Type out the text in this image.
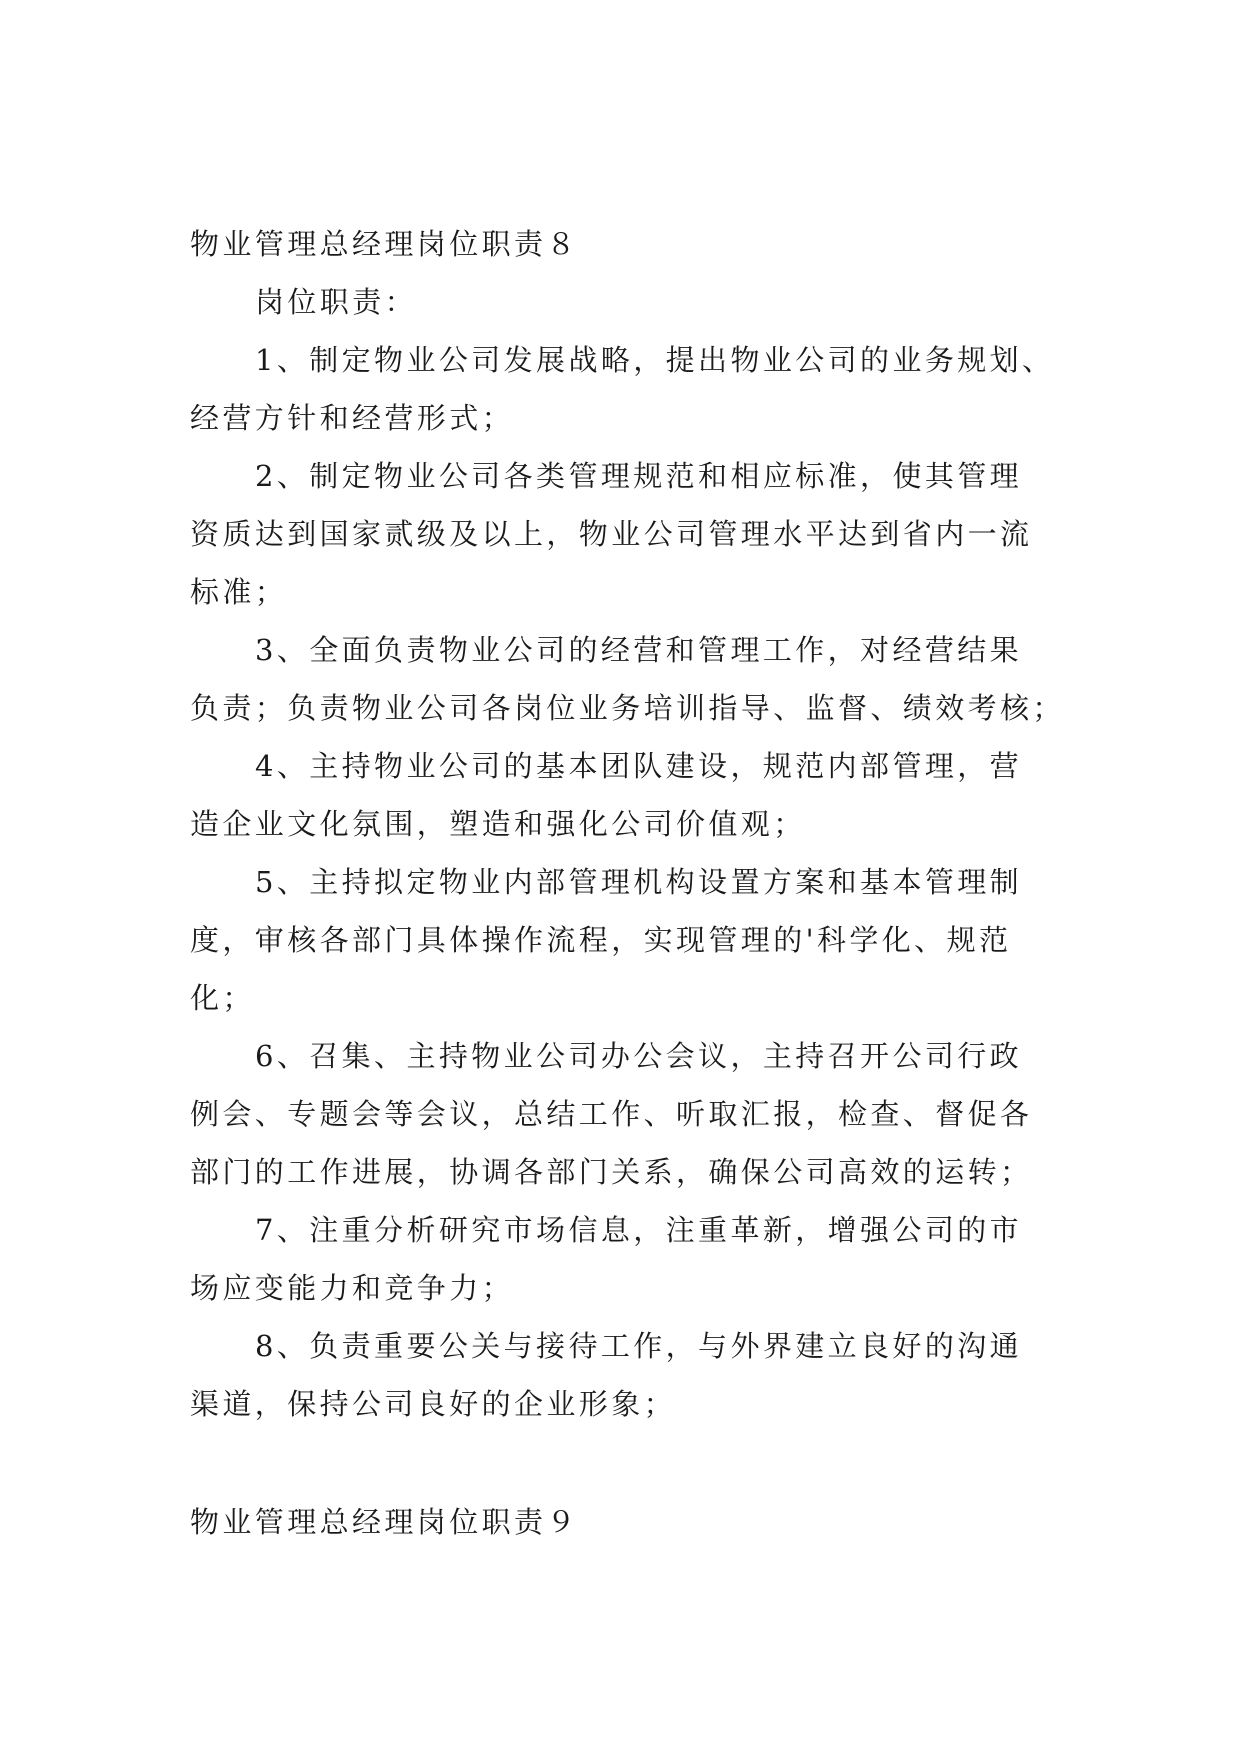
物业管理总经理岗位职责８
岗位职责：
1、制定物业公司发展战略，提出物业公司的业务规划、
经营方针和经营形式；
2、制定物业公司各类管理规范和相应标准，使其管理
资质达到国家贰级及以上，物业公司管理水平达到省内一流
标准；
3、全面负责物业公司的经营和管理工作，对经营结果
负责；负责物业公司各岗位业务培训指导、监督、绩效考核；
4、主持物业公司的基本团队建设，规范内部管理，营
造企业文化氛围，塑造和强化公司价值观；
5、主持拟定物业内部管理机构设置方案和基本管理制
度，审核各部门具体操作流程，实现管理的'科学化、规范
化；
6、召集、主持物业公司办公会议，主持召开公司行政
例会、专题会等会议，总结工作、听取汇报，检查、督促各
部门的工作进展，协调各部门关系，确保公司高效的运转；
7、注重分析研究市场信息，注重革新，增强公司的市
场应变能力和竞争力；
8、负责重要公关与接待工作，与外界建立良好的沟通
渠道，保持公司良好的企业形象；
物业管理总经理岗位职责９
